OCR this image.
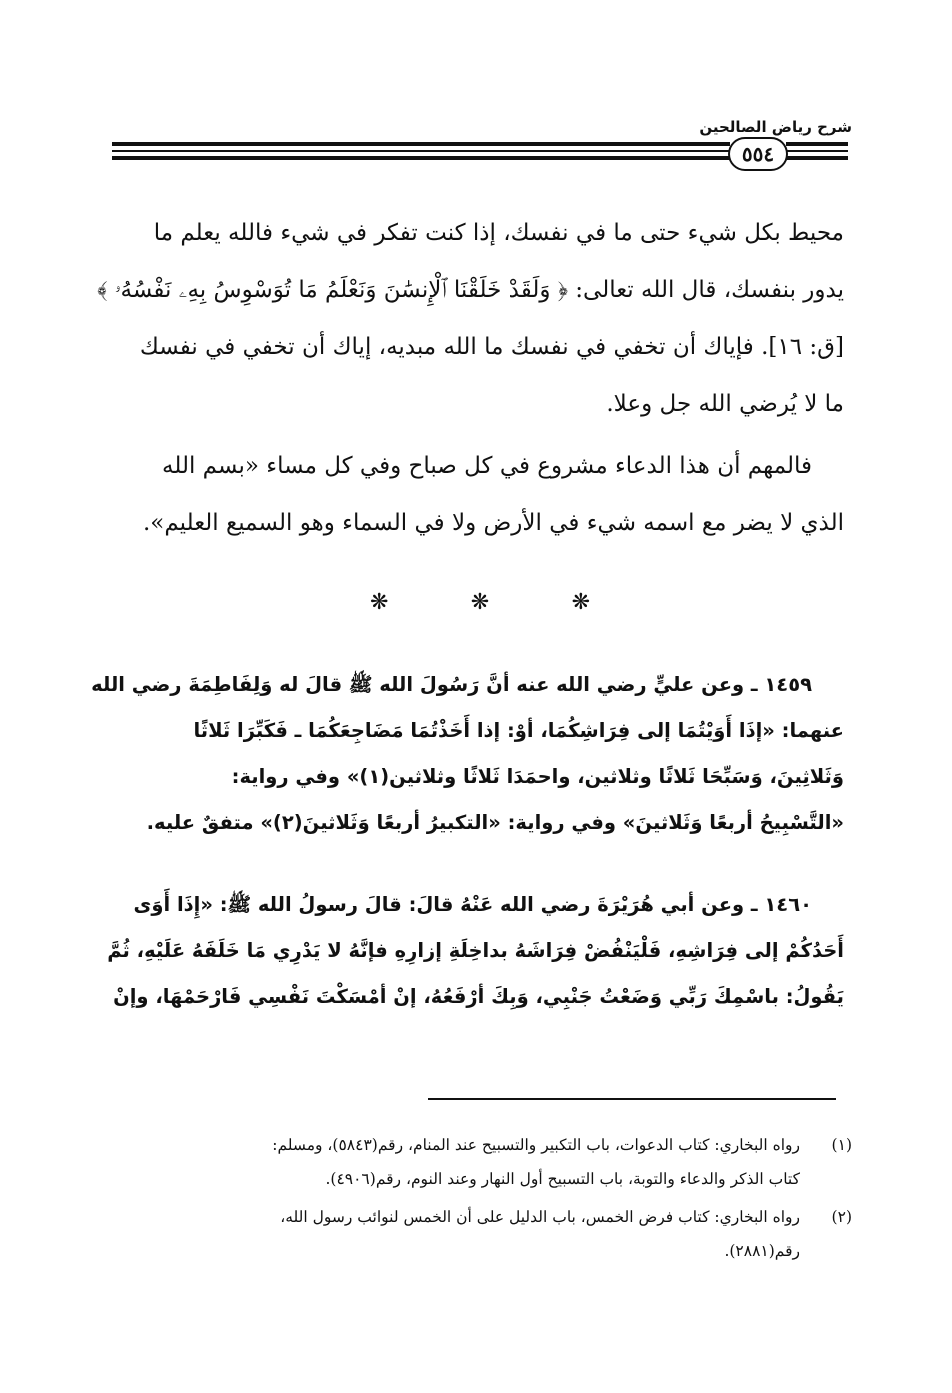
شرح رياض الصالحين
٥٥٤
محيط بكل شيء حتى ما في نفسك، إذا كنت تفكر في شيء فالله يعلم ما
يدور بنفسك، قال الله تعالى: ﴿ وَلَقَدْ خَلَقْنَا ٱلْإِنسَٰنَ وَنَعْلَمُ مَا تُوَسْوِسُ بِهِۦ نَفْسُهُۥ ﴾
[ق: ١٦]. فإياك أن تخفي في نفسك ما الله مبديه، إياك أن تخفي في نفسك
ما لا يُرضي الله جل وعلا.
فالمهم أن هذا الدعاء مشروع في كل صباح وفي كل مساء «بسم الله
الذي لا يضر مع اسمه شيء في الأرض ولا في السماء وهو السميع العليم».
❋
❋
❋
١٤٥٩ ـ وعن عليٍّ رضي الله عنه أنَّ رَسُولَ الله ﷺ قالَ له وَلِفَاطِمَةَ رضي الله
عنهما: «إذَا أَوَيْتُمَا إلى فِرَاشِكُمَا، أوْ: إذا أَخَذْتُمَا مَضَاجِعَكُمَا ـ فَكَبِّرَا ثَلاثًا
وَثَلاثِينَ، وَسَبِّحَا ثَلاثًا وثلاثين، واحمَدَا ثَلاثًا وثلاثين(١)» وفي رواية:
«التَّسْبِيحُ أربعًا وَثَلاثينَ» وفي رواية: «التكبيرُ أربعًا وَثَلاثينَ(٢)» متفقٌ عليه.
١٤٦٠ ـ وعن أبي هُرَيْرَةَ رضي الله عَنْهُ قالَ: قالَ رسولُ الله ﷺ: «إِذَا أَوَى
أَحَدُكُمْ إلى فِرَاشِهِ، فَلْيَنْفُضْ فِرَاشَهُ بداخِلَةِ إزارِهِ فإنَّهُ لا يَدْرِي مَا خَلَفَهُ عَلَيْهِ، ثُمَّ
يَقُولُ: باسْمِكَ رَبِّي وَضَعْتُ جَنْبِي، وَبِكَ أرْفَعُهُ، إنْ أمْسَكْتَ نَفْسِي فَارْحَمْهَا، وإنْ
(١)
رواه البخاري: كتاب الدعوات، باب التكبير والتسبيح عند المنام، رقم(٥٨٤٣)، ومسلم:
كتاب الذكر والدعاء والتوبة، باب التسبيح أول النهار وعند النوم، رقم(٤٩٠٦).
(٢)
رواه البخاري: كتاب فرض الخمس، باب الدليل على أن الخمس لنوائب رسول الله،
رقم(٢٨٨١).
